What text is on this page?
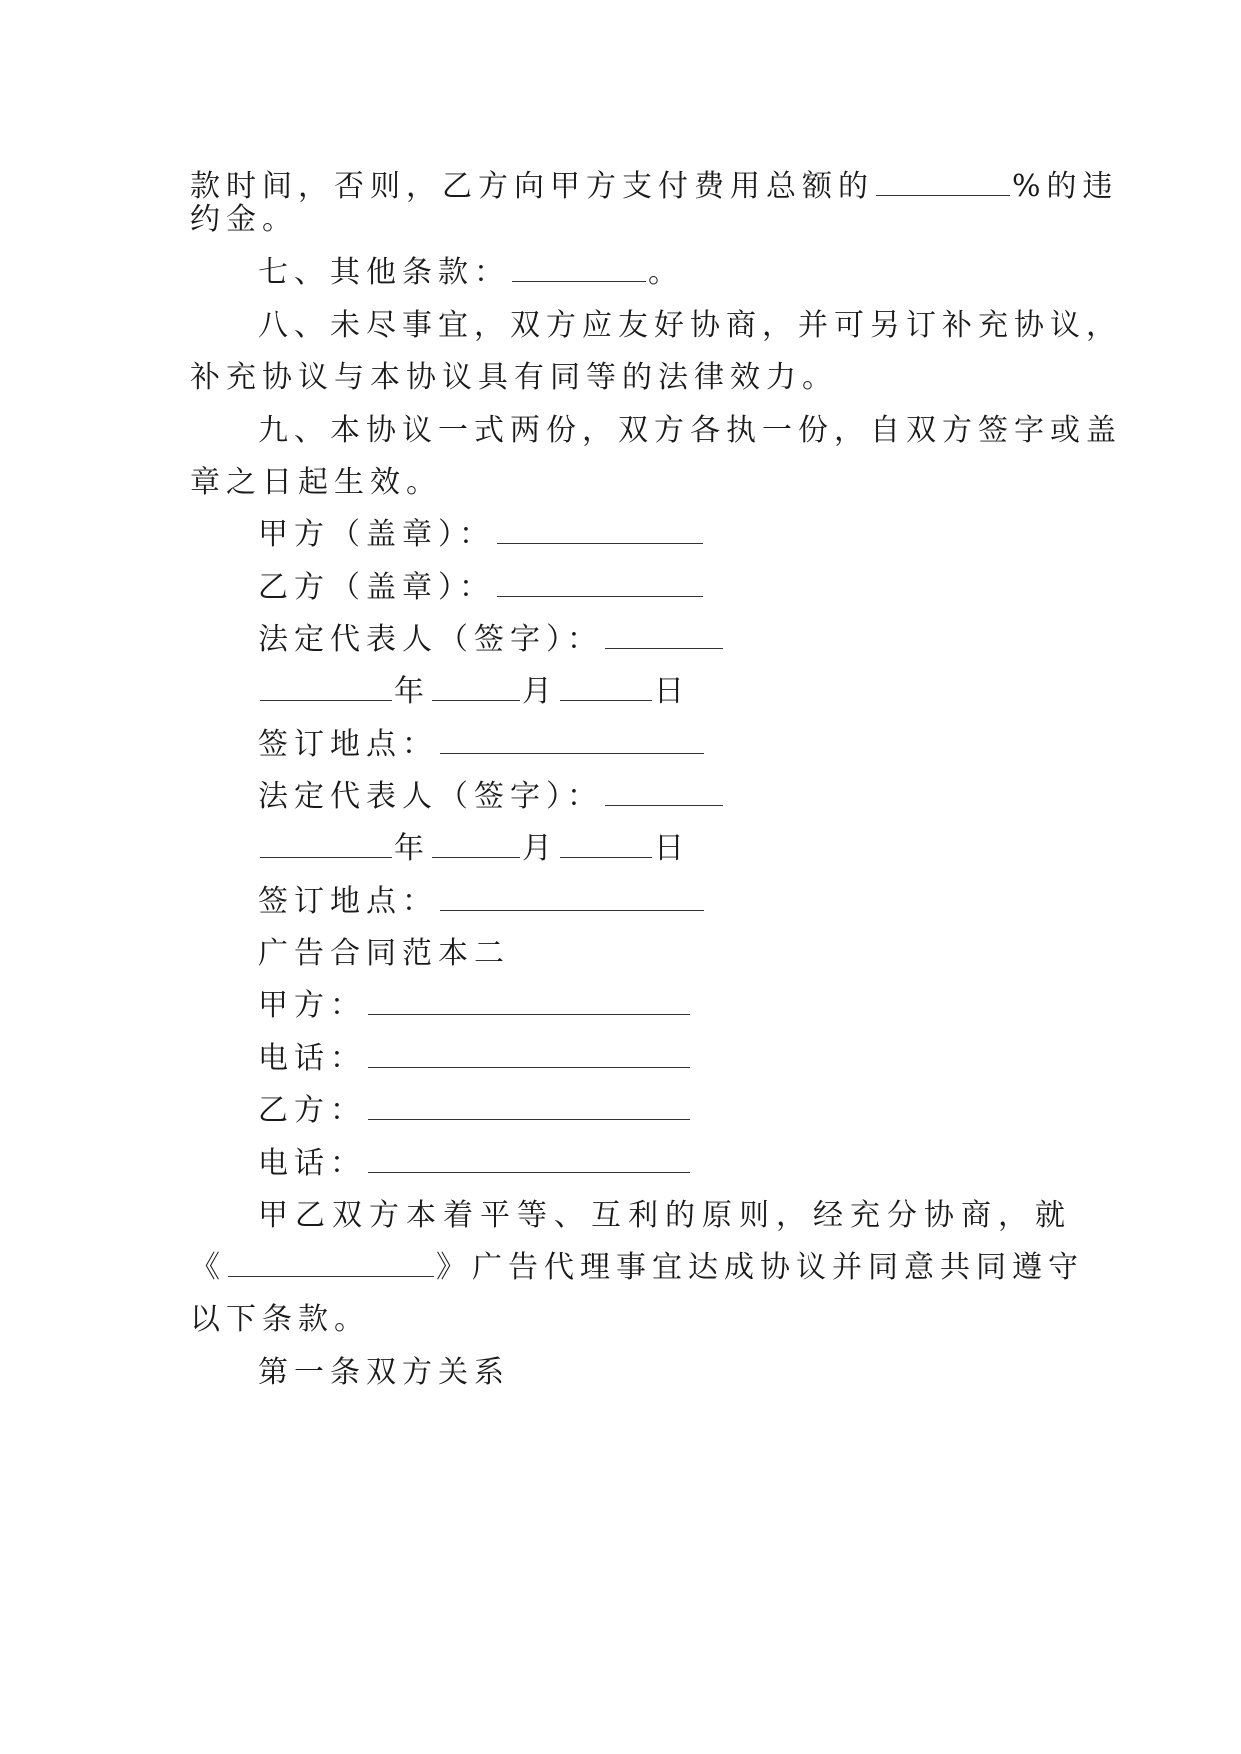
款时间，否则，乙方向甲方支付费用总额的	%的违
约金。
七、其他条款：	。
八、未尽事宜，双方应友好协商，并可另订补充协议，
补充协议与本协议具有同等的法律效力。
九、本协议一式两份，双方各执一份，自双方签字或盖
章之日起生效。
甲方（盖章）：
乙方（盖章）：
法定代表人（签字）：
年	月	日
签订地点：
法定代表人（签字）：
年	月	日
签订地点：
广告合同范本二
甲方：
电话：
乙方：
电话：
甲乙双方本着平等、互利的原则，经充分协商，就
《	》广告代理事宜达成协议并同意共同遵守
以下条款。
第一条双方关系
